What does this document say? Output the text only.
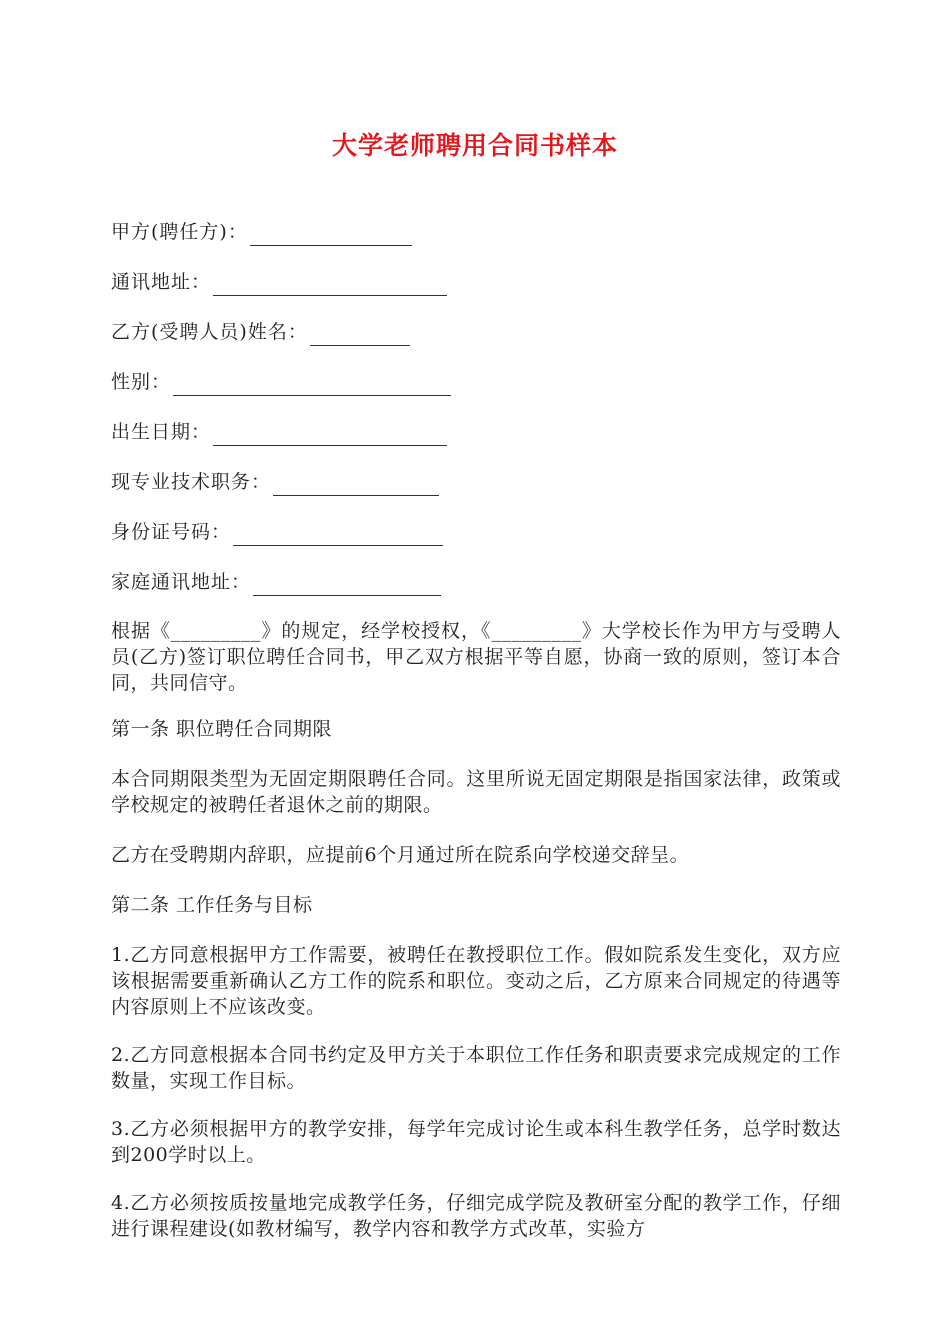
大学老师聘用合同书样本
甲方(聘任方)：
通讯地址：
乙方(受聘人员)姓名：
性别：
出生日期：
现专业技术职务：
身份证号码：
家庭通讯地址：

根据《_________》的规定，经学校授权，《_________》大学校长作为甲方与受聘人员(乙方)签订职位聘任合同书，甲乙双方根据平等自愿，协商一致的原则，签订本合同，共同信守。

第一条 职位聘任合同期限

本合同期限类型为无固定期限聘任合同。这里所说无固定期限是指国家法律，政策或学校规定的被聘任者退休之前的期限。

乙方在受聘期内辞职，应提前6个月通过所在院系向学校递交辞呈。

第二条 工作任务与目标

1.乙方同意根据甲方工作需要，被聘任在教授职位工作。假如院系发生变化，双方应该根据需要重新确认乙方工作的院系和职位。变动之后，乙方原来合同规定的待遇等内容原则上不应该改变。

2.乙方同意根据本合同书约定及甲方关于本职位工作任务和职责要求完成规定的工作数量，实现工作目标。

3.乙方必须根据甲方的教学安排，每学年完成讨论生或本科生教学任务，总学时数达到200学时以上。

4.乙方必须按质按量地完成教学任务，仔细完成学院及教研室分配的教学工作，仔细进行课程建设(如教材编写，教学内容和教学方式改革，实验方
